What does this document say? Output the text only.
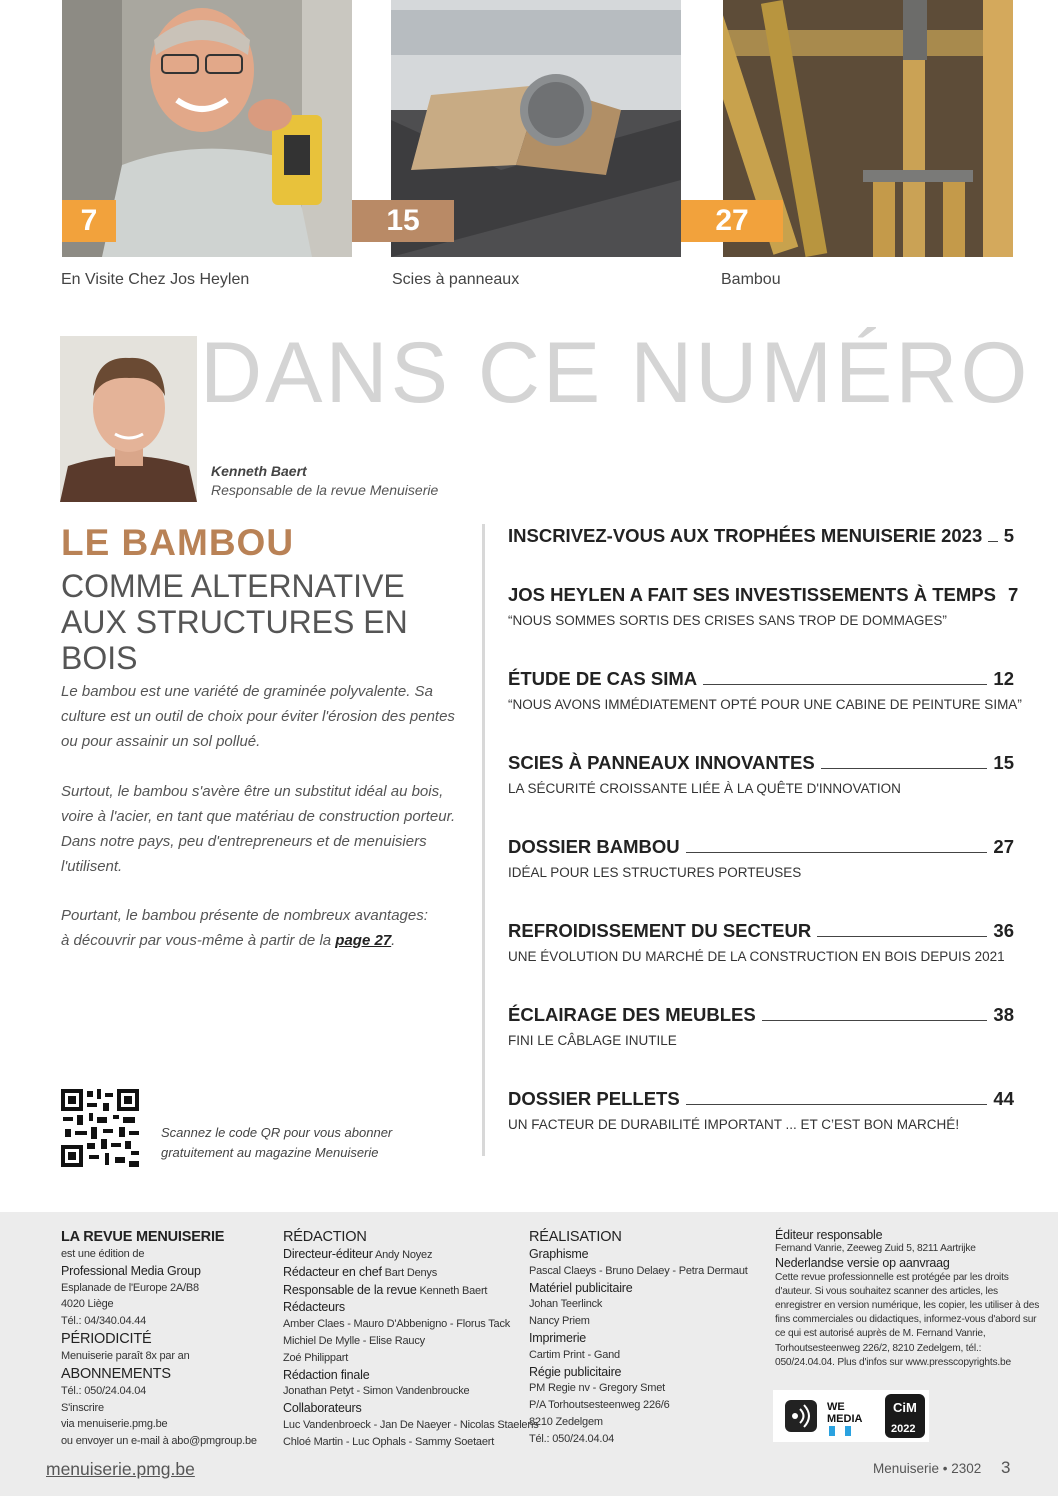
7	15	27
En Visite Chez Jos Heylen	Scies à panneaux	Bambou
DANS CE NUMÉRO
Kenneth Baert
Responsable de la revue Menuiserie
LE BAMBOU
COMME ALTERNATIVE
AUX STRUCTURES EN BOIS
Le bambou est une variété de graminée polyvalente. Sa culture est un outil de choix pour éviter l'érosion des pentes ou pour assainir un sol pollué.
Surtout, le bambou s'avère être un substitut idéal au bois, voire à l'acier, en tant que matériau de construction porteur. Dans notre pays, peu d'entrepreneurs et de menuisiers l'utilisent.
Pourtant, le bambou présente de nombreux avantages:
à découvrir par vous-même à partir de la page 27.
Scannez le code QR pour vous abonner
gratuitement au magazine Menuiserie
INSCRIVEZ-VOUS AUX TROPHÉES MENUISERIE 2023 5
JOS HEYLEN A FAIT SES INVESTISSEMENTS À TEMPS 7
“NOUS SOMMES SORTIS DES CRISES SANS TROP DE DOMMAGES”
ÉTUDE DE CAS SIMA	12
“NOUS AVONS IMMÉDIATEMENT OPTÉ POUR UNE CABINE DE PEINTURE SIMA”
SCIES À PANNEAUX INNOVANTES	15
LA SÉCURITÉ CROISSANTE LIÉE À LA QUÊTE D'INNOVATION
DOSSIER BAMBOU	27
IDÉAL POUR LES STRUCTURES PORTEUSES
REFROIDISSEMENT DU SECTEUR	36
UNE ÉVOLUTION DU MARCHÉ DE LA CONSTRUCTION EN BOIS DEPUIS 2021
ÉCLAIRAGE DES MEUBLES	38
FINI LE CÂBLAGE INUTILE
DOSSIER PELLETS	44
UN FACTEUR DE DURABILITÉ IMPORTANT ... ET C’EST BON MARCHÉ!
LA REVUE MENUISERIE
est une édition de
Professional Media Group
Esplanade de l'Europe 2A/B8
4020 Liège
Tél.: 04/340.04.44
PÉRIODICITÉ
Menuiserie paraît 8x par an
ABONNEMENTS
Tél.: 050/24.04.04
S'inscrire
via menuiserie.pmg.be
ou envoyer un e-mail à abo@pmgroup.be
RÉDACTION
Directeur-éditeur Andy Noyez
Rédacteur en chef Bart Denys
Responsable de la revue Kenneth Baert
Rédacteurs
Amber Claes - Mauro D'Abbenigno - Florus Tack
Michiel De Mylle - Elise Raucy
Zoé Philippart
Rédaction finale
Jonathan Petyt - Simon Vandenbroucke
Collaborateurs
Luc Vandenbroeck - Jan De Naeyer - Nicolas Staelens
Chloé Martin - Luc Ophals - Sammy Soetaert
RÉALISATION
Graphisme
Pascal Claeys - Bruno Delaey - Petra Dermaut
Matériel publicitaire
Johan Teerlinck
Nancy Priem
Imprimerie
Cartim Print - Gand
Régie publicitaire
PM Regie nv - Gregory Smet
P/A Torhoutsesteenweg 226/6
8210 Zedelgem
Tél.: 050/24.04.04
Éditeur responsable
Fernand Vanrie, Zeeweg Zuid 5, 8211 Aartrijke
Nederlandse versie op aanvraag
Cette revue professionnelle est protégée par les droits
d'auteur. Si vous souhaitez scanner des articles, les
enregistrer en version numérique, les copier, les utiliser à des
fins commerciales ou didactiques, informez-vous d'abord sur
ce qui est autorisé auprès de M. Fernand Vanrie,
Torhoutsesteenweg 226/2, 8210 Zedelgem, tél.:
050/24.04.04. Plus d'infos sur www.presscopyrights.be
WE
MEDIA
CiM
2022
menuiserie.pmg.be	Menuiserie • 2302 3
